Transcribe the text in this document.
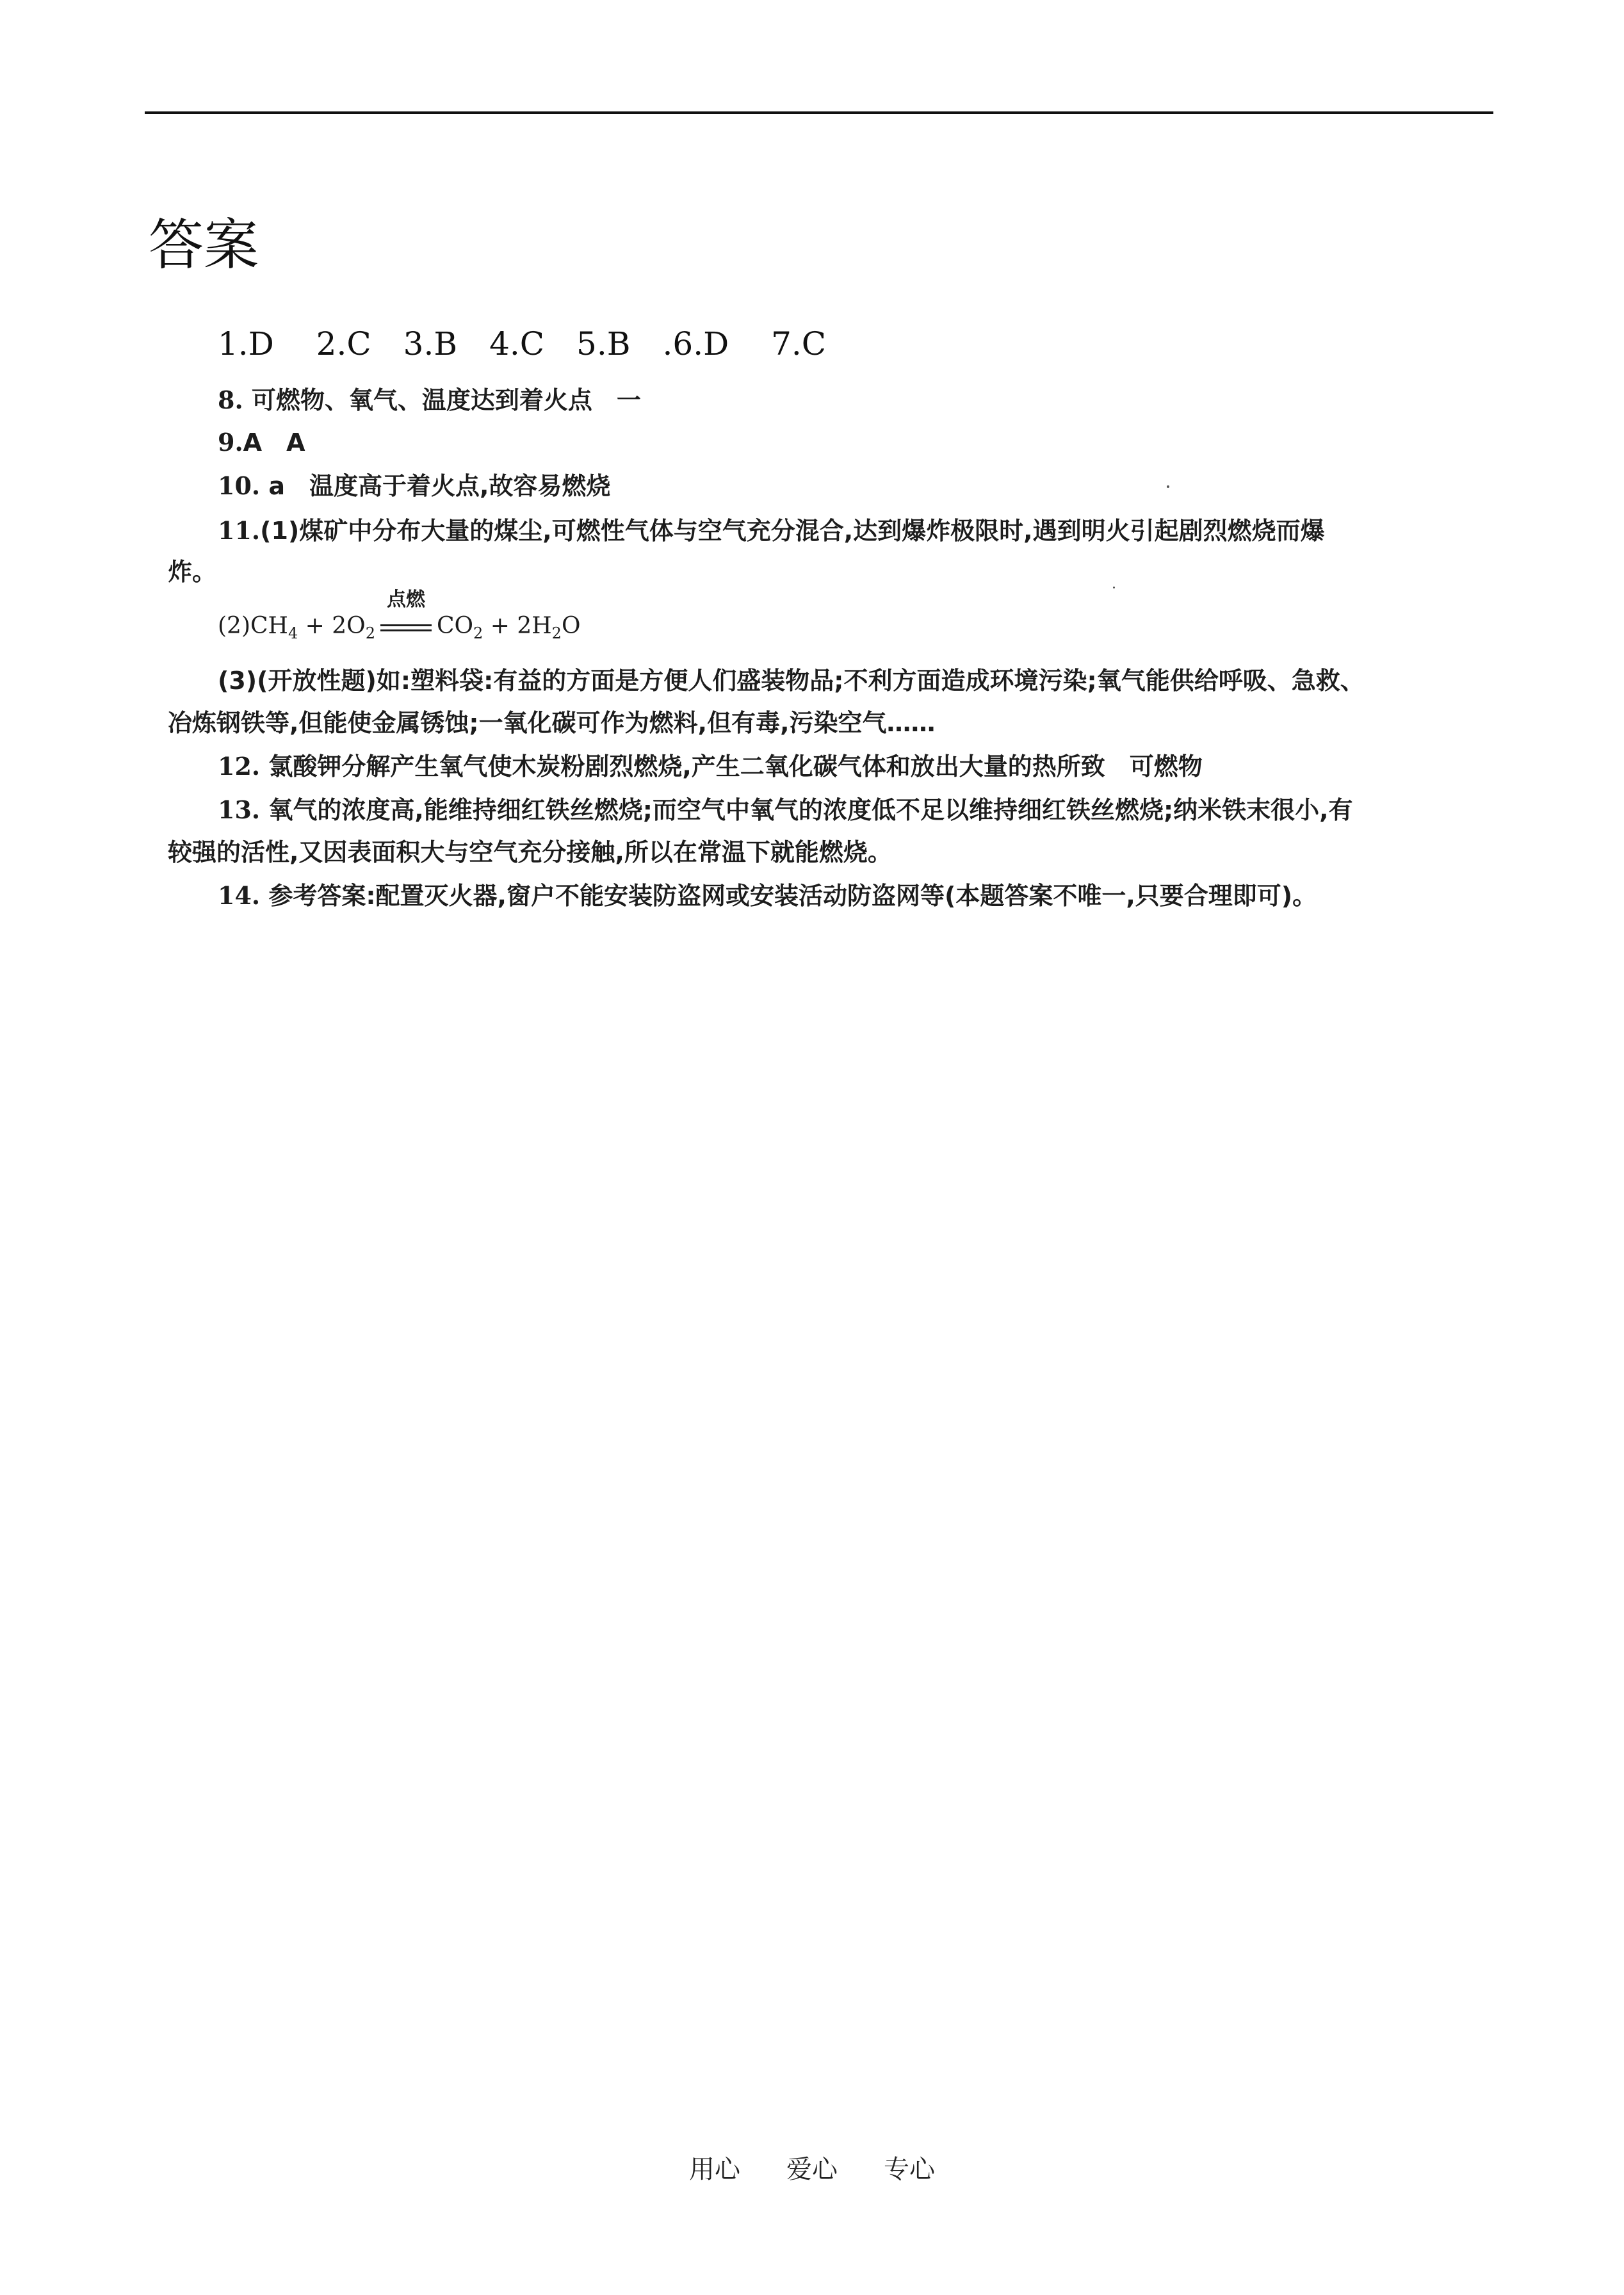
答案
1.D　 2.C　3.B　4.C　5.B　.6.D　 7.C
8. 可燃物、氧气、温度达到着火点　一
9.A　A
10. a　温度高于着火点,故容易燃烧
11.(1)煤矿中分布大量的煤尘,可燃性气体与空气充分混合,达到爆炸极限时,遇到明火引起剧烈燃烧而爆
炸。
$(2)CH_4 + 2O_2$
点燃
$CO_2 + 2H_2O$
(3)(开放性题)如:塑料袋:有益的方面是方便人们盛装物品;不利方面造成环境污染;氧气能供给呼吸、急救、
冶炼钢铁等,但能使金属锈蚀;一氧化碳可作为燃料,但有毒,污染空气……
12. 氯酸钾分解产生氧气使木炭粉剧烈燃烧,产生二氧化碳气体和放出大量的热所致　可燃物
13. 氧气的浓度高,能维持细红铁丝燃烧;而空气中氧气的浓度低不足以维持细红铁丝燃烧;纳米铁末很小,有
较强的活性,又因表面积大与空气充分接触,所以在常温下就能燃烧。
14. 参考答案:配置灭火器,窗户不能安装防盗网或安装活动防盗网等(本题答案不唯一,只要合理即可)。
用心 爱心 专心
